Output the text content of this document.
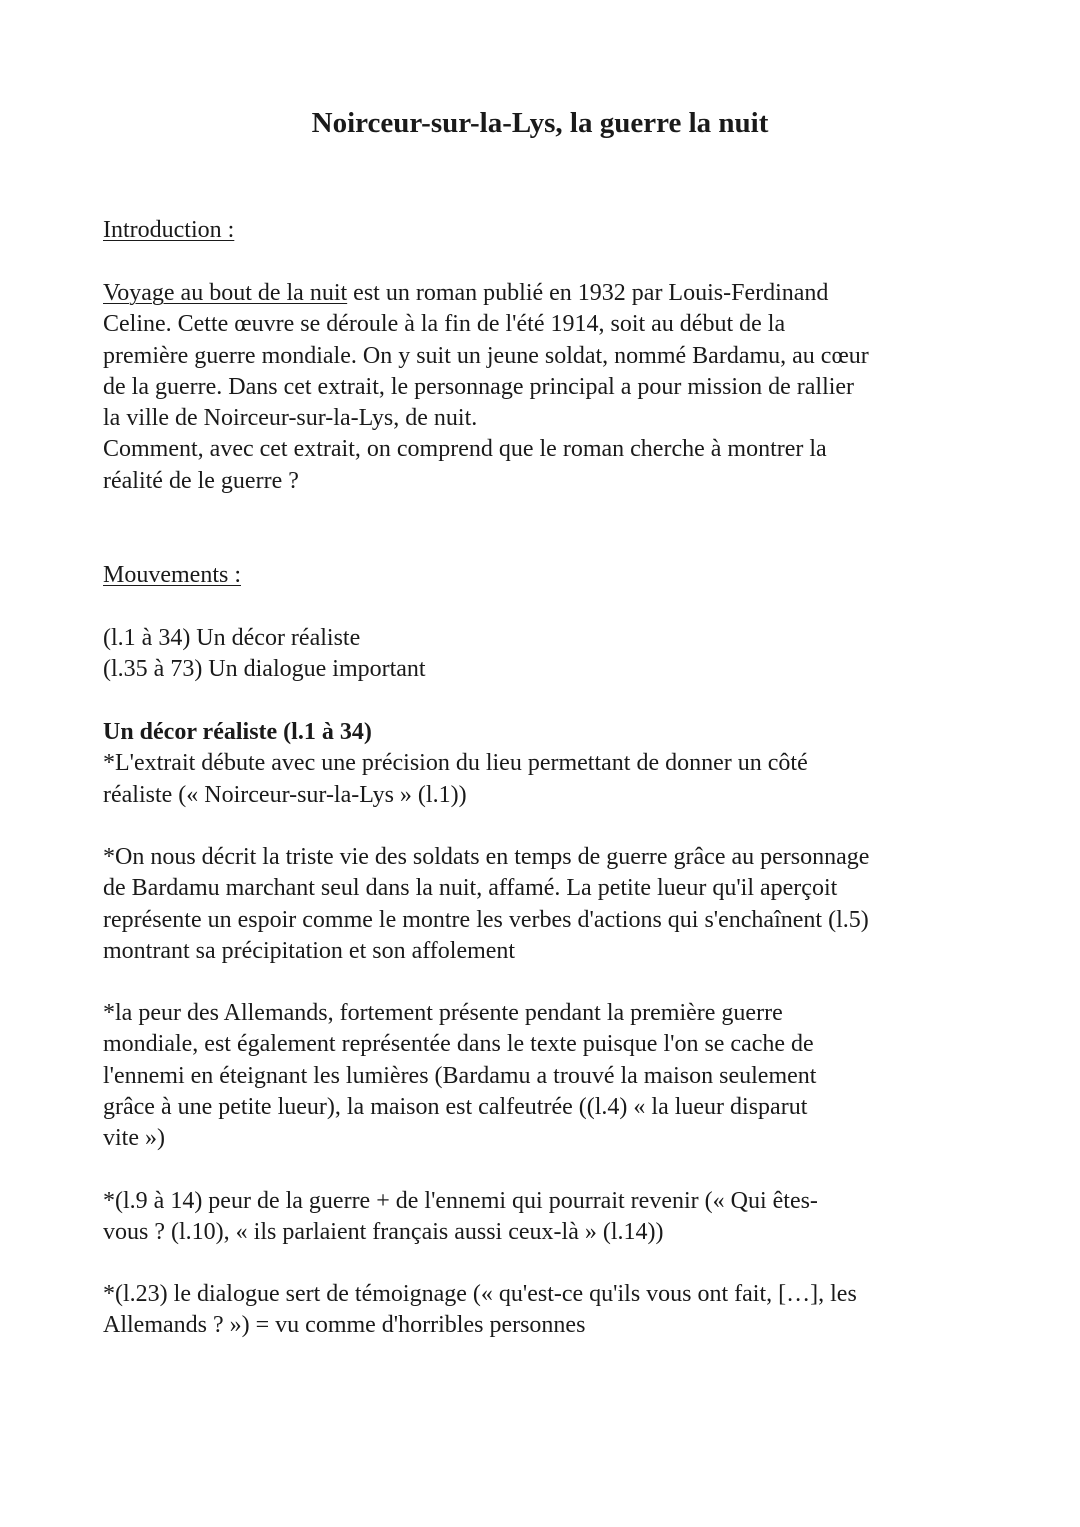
Noirceur-sur-la-Lys, la guerre la nuit
Introduction :
Voyage au bout de la nuit est un roman publié en 1932 par Louis-Ferdinand
Celine. Cette œuvre se déroule à la fin de l'été 1914, soit au début de la
première guerre mondiale. On y suit un jeune soldat, nommé Bardamu, au cœur
de la guerre. Dans cet extrait, le personnage principal a pour mission de rallier
la ville de Noirceur-sur-la-Lys, de nuit.
Comment, avec cet extrait, on comprend que le roman cherche à montrer la
réalité de le guerre ?
Mouvements :
(l.1 à 34) Un décor réaliste
(l.35 à 73) Un dialogue important
Un décor réaliste (l.1 à 34)
*L'extrait débute avec une précision du lieu permettant de donner un côté
réaliste (« Noirceur-sur-la-Lys » (l.1))
*On nous décrit la triste vie des soldats en temps de guerre grâce au personnage
de Bardamu marchant seul dans la nuit, affamé. La petite lueur qu'il aperçoit
représente un espoir comme le montre les verbes d'actions qui s'enchaînent (l.5)
montrant sa précipitation et son affolement
*la peur des Allemands, fortement présente pendant la première guerre
mondiale, est également représentée dans le texte puisque l'on se cache de
l'ennemi en éteignant les lumières (Bardamu a trouvé la maison seulement
grâce à une petite lueur), la maison est calfeutrée ((l.4) « la lueur disparut
vite »)
*(l.9 à 14) peur de la guerre + de l'ennemi qui pourrait revenir (« Qui êtes-
vous ? (l.10), « ils parlaient français aussi ceux-là » (l.14))
*(l.23) le dialogue sert de témoignage (« qu'est-ce qu'ils vous ont fait, […], les
Allemands ? ») = vu comme d'horribles personnes
